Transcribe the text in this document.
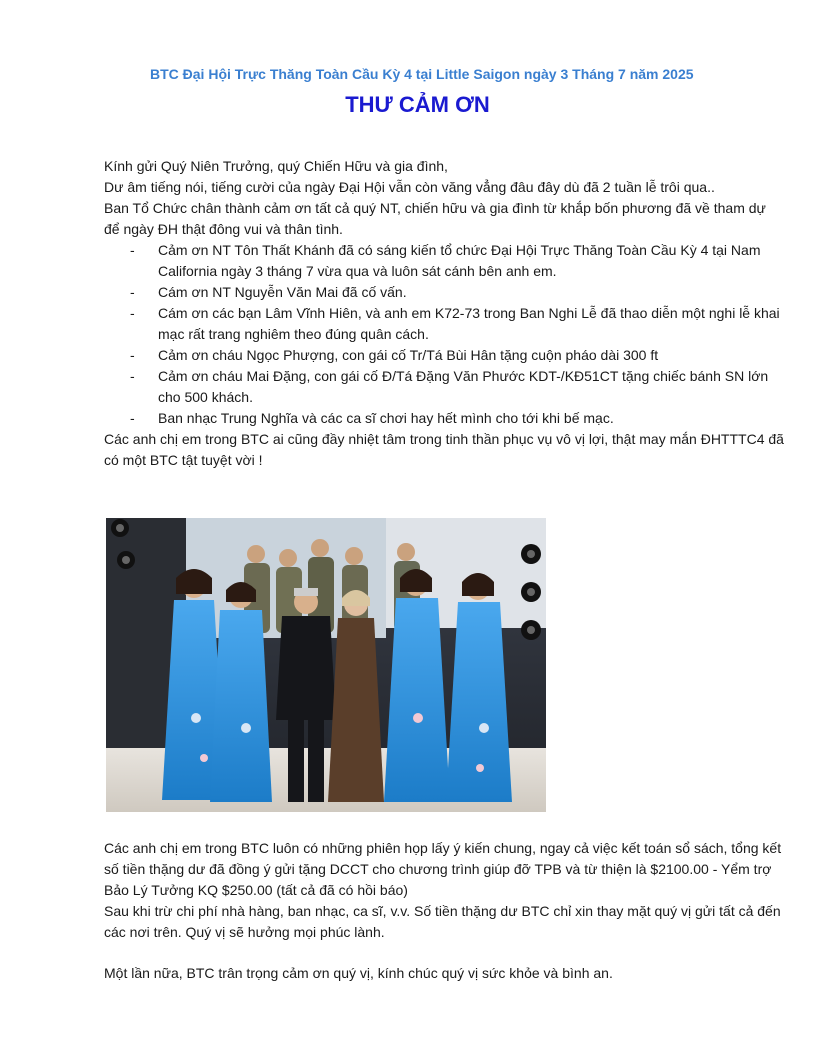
BTC Đại Hội Trực Thăng Toàn Cầu Kỳ 4 tại Little Saigon ngày 3 Tháng 7 năm 2025
THƯ CẢM ƠN

Kính gửi Quý Niên Trưởng, quý Chiến Hữu và gia đình,

Dư âm tiếng nói, tiếng cười của ngày Đại Hội vẫn còn văng vẳng đâu đây dù đã 2 tuần lễ trôi qua..

Ban Tổ Chức chân thành cảm ơn tất cả quý NT, chiến hữu và gia đình từ khắp bốn phương đã về tham dự để ngày ĐH thật đông vui và thân tình.

- Cảm ơn NT Tôn Thất Khánh đã có sáng kiến tổ chức Đại Hội Trực Thăng Toàn Cầu Kỳ 4 tại Nam California ngày 3 tháng 7 vừa qua và luôn sát cánh bên anh em.
- Cám ơn NT Nguyễn Văn Mai đã cố vấn.
- Cám ơn các bạn Lâm Vĩnh Hiên, và anh em K72-73 trong Ban Nghi Lễ đã thao diễn một nghi lễ khai mạc rất trang nghiêm theo đúng quân cách.
- Cảm ơn cháu Ngọc Phượng, con gái cố Tr/Tá Bùi Hân tặng cuộn pháo dài 300 ft
- Cảm ơn cháu Mai Đặng, con gái cố Đ/Tá Đặng Văn Phước KDT-/KĐ51CT tặng chiếc bánh SN lớn cho 500 khách.
- Ban nhạc Trung Nghĩa và các ca sĩ chơi hay hết mình cho tới khi bế mạc.

Các anh chị em trong BTC ai cũng đầy nhiệt tâm trong tinh thần phục vụ vô vị lợi, thật may mắn ĐHTTTC4 đã có một BTC tật tuyệt vời !

Các anh chị em trong BTC luôn có những phiên họp lấy ý kiến chung, ngay cả việc kết toán sổ sách, tổng kết số tiền thặng dư đã đồng ý gửi tặng DCCT cho chương trình giúp đỡ TPB và từ thiện là $2100.00 - Yểm trợ Bảo Lý Tưởng KQ $250.00 (tất cả đã có hồi báo)

Sau khi trừ chi phí nhà hàng, ban nhạc, ca sĩ, v.v. Số tiền thặng dư BTC chỉ xin thay mặt quý vị gửi tất cả đến các nơi trên. Quý vị sẽ hưởng mọi phúc lành.

Một lần nữa, BTC trân trọng cảm ơn quý vị, kính chúc quý vị sức khỏe và bình an.
